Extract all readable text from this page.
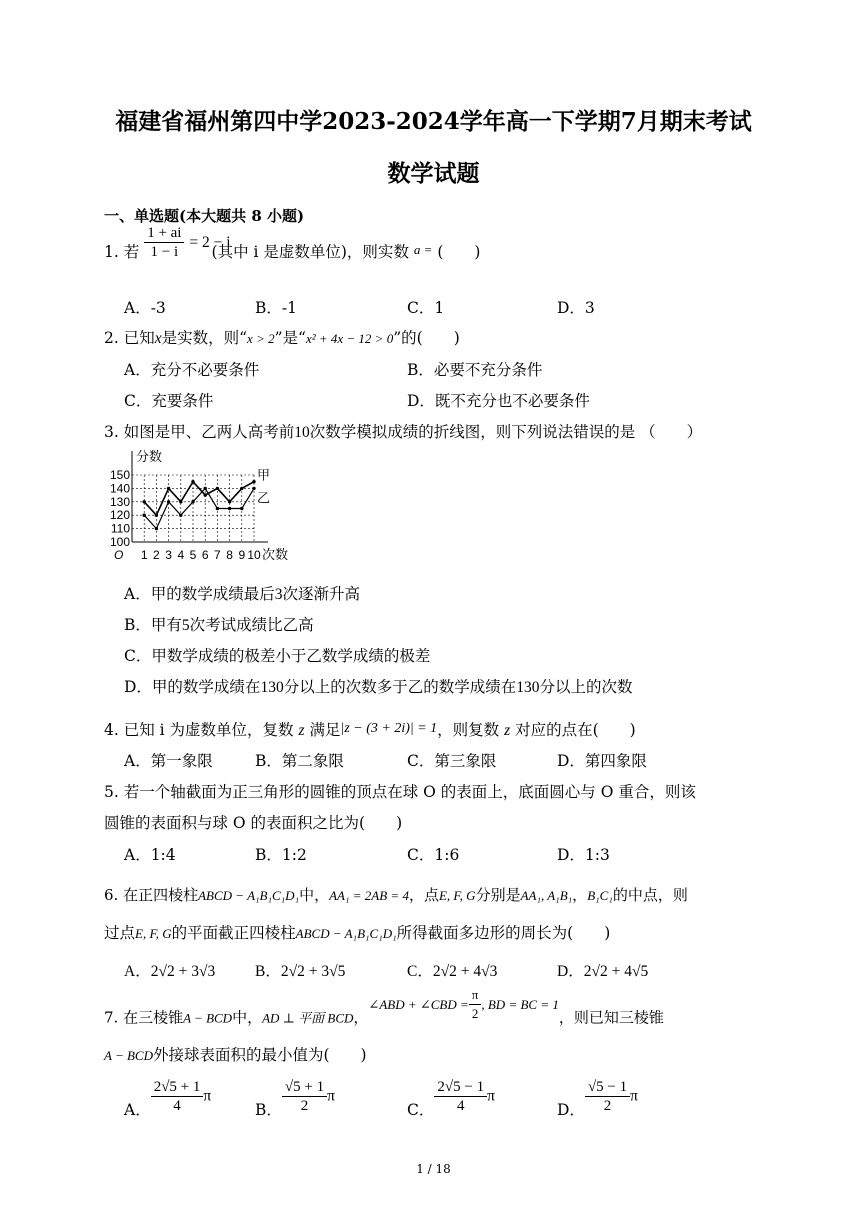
福建省福州第四中学2023-2024学年高一下学期7月期末考试
数学试题
一、单选题(本大题共 8 小题)
1. 若 $\frac{1 + ai}{1 - i} = 2 - i$ (其中 i 是虚数单位)，则实数 a = (　　)
A．-3	B．-1	C．1	D．3
2. 已知x是实数，则“x > 2”是“x² + 4x − 12 > 0”的(　　)
A．充分不必要条件	B．必要不充分条件
C．充要条件	D．既不充分也不必要条件
3. 如图是甲、乙两人高考前10次数学模拟成绩的折线图，则下列说法错误的是 （　　）
100
110
120
130
140
150
1 2 3 4 5 6 7 8 9 10
分数
次数
O
甲
乙
A．甲的数学成绩最后3次逐渐升高
B．甲有5次考试成绩比乙高
C．甲数学成绩的极差小于乙数学成绩的极差
D．甲的数学成绩在130分以上的次数多于乙的数学成绩在130分以上的次数
4. 已知 i 为虚数单位，复数 z 满足|z − (3 + 2i)| = 1，则复数 z 对应的点在(　　)
A．第一象限	B．第二象限	C．第三象限	D．第四象限
5. 若一个轴截面为正三角形的圆锥的顶点在球 O 的表面上，底面圆心与 O 重合，则该
圆锥的表面积与球 O 的表面积之比为(　　)
A．1:4	B．1:2	C．1:6	D．1:3
6. 在正四棱柱ABCD − A₁B₁C₁D₁中，AA₁ = 2AB = 4，点E, F, G分别是AA₁, A₁B₁，B₁C₁的中点，则
过点E, F, G的平面截正四棱柱ABCD − A₁B₁C₁D₁所得截面多边形的周长为(　　)
A．2√2 + 3√3	B．2√2 + 3√5	C．2√2 + 4√3	D．2√2 + 4√5
7. 在三棱锥A − BCD中，AD ⊥ 平面 BCD，∠ABD + ∠CBD = $\frac{\pi}{2}$ , BD = BC = 1，则已知三棱锥
A − BCD外接球表面积的最小值为(　　)
A． $\frac{2√5 + 1}{4}$ π
B． $\frac{√5 + 1}{2}$ π
C． $\frac{2√5 - 1}{4}$ π
D． $\frac{√5 - 1}{2}$ π
1 / 18
